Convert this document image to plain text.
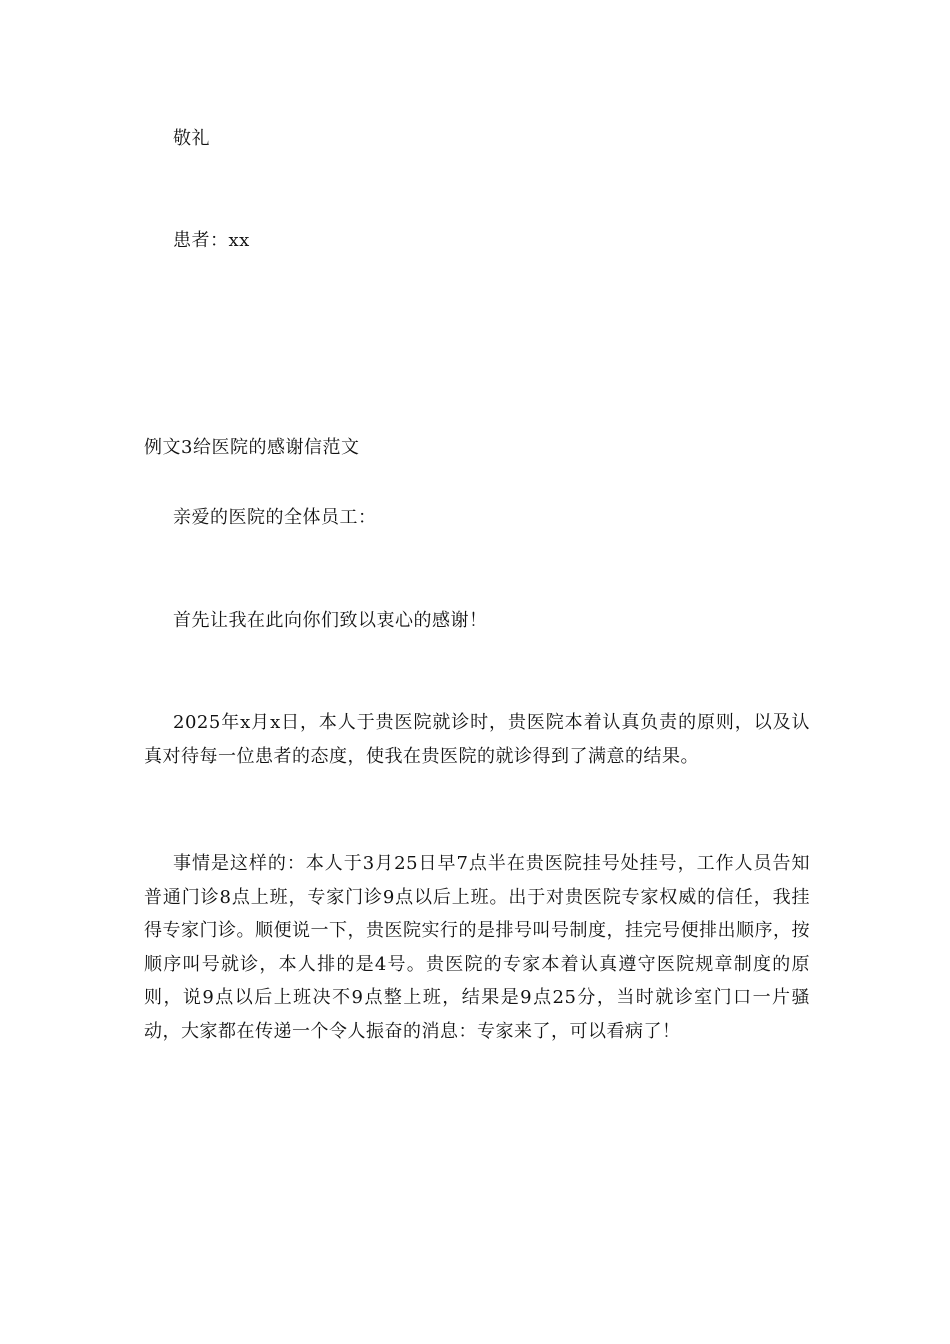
敬礼
患者：xx
例文3给医院的感谢信范文
亲爱的医院的全体员工：
首先让我在此向你们致以衷心的感谢！
2025年x月x日，本人于贵医院就诊时，贵医院本着认真负责的原则，以及认真对待每一位患者的态度，使我在贵医院的就诊得到了满意的结果。
事情是这样的：本人于3月25日早7点半在贵医院挂号处挂号，工作人员告知普通门诊8点上班，专家门诊9点以后上班。出于对贵医院专家权威的信任，我挂得专家门诊。顺便说一下，贵医院实行的是排号叫号制度，挂完号便排出顺序，按顺序叫号就诊，本人排的是4号。贵医院的专家本着认真遵守医院规章制度的原则，说9点以后上班决不9点整上班，结果是9点25分，当时就诊室门口一片骚动，大家都在传递一个令人振奋的消息：专家来了，可以看病了！
